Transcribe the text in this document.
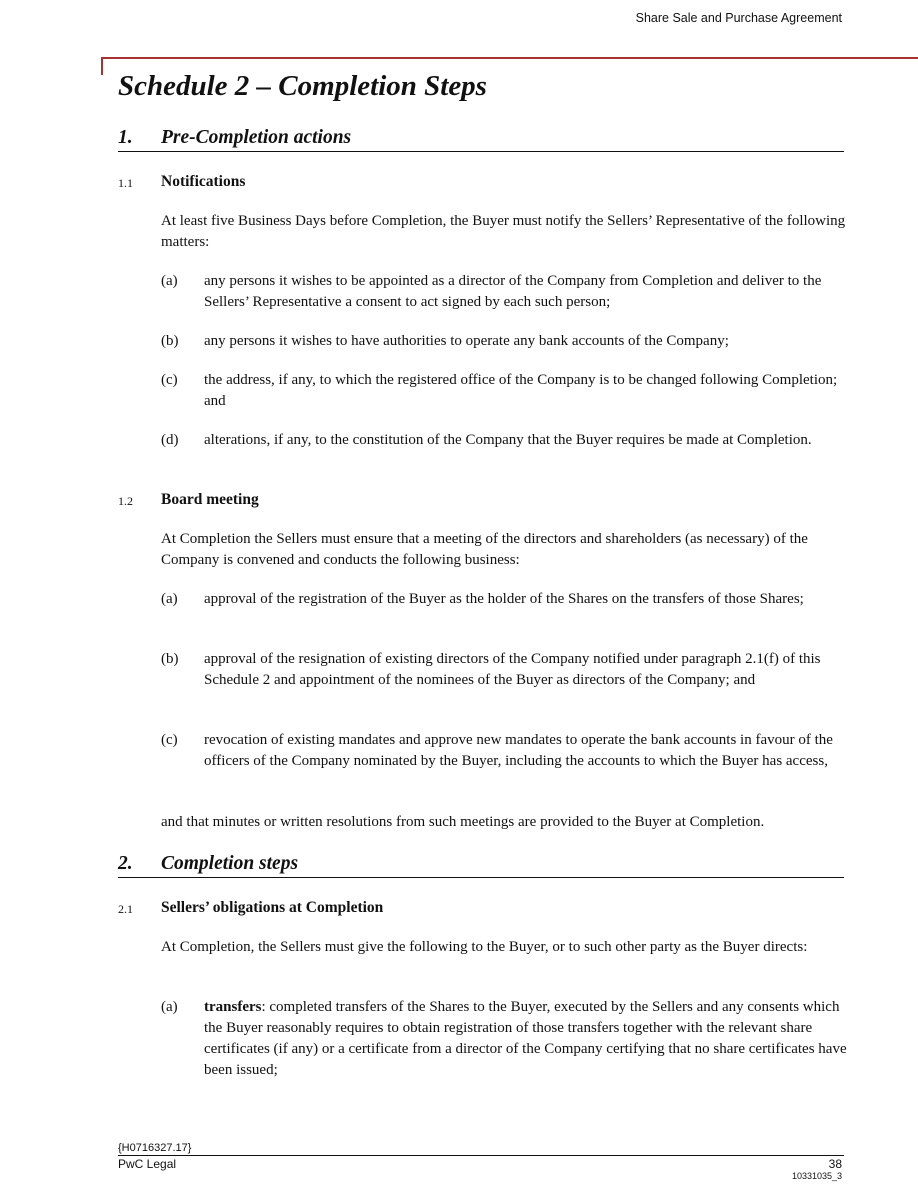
Share Sale and Purchase Agreement
Schedule 2 – Completion Steps
1. Pre-Completion actions
1.1 Notifications
At least five Business Days before Completion, the Buyer must notify the Sellers’ Representative of the following matters:
(a) any persons it wishes to be appointed as a director of the Company from Completion and deliver to the Sellers’ Representative a consent to act signed by each such person;
(b) any persons it wishes to have authorities to operate any bank accounts of the Company;
(c) the address, if any, to which the registered office of the Company is to be changed following Completion; and
(d) alterations, if any, to the constitution of the Company that the Buyer requires be made at Completion.
1.2 Board meeting
At Completion the Sellers must ensure that a meeting of the directors and shareholders (as necessary) of the Company is convened and conducts the following business:
(a) approval of the registration of the Buyer as the holder of the Shares on the transfers of those Shares;
(b) approval of the resignation of existing directors of the Company notified under paragraph 2.1(f) of this Schedule 2 and appointment of the nominees of the Buyer as directors of the Company; and
(c) revocation of existing mandates and approve new mandates to operate the bank accounts in favour of the officers of the Company nominated by the Buyer, including the accounts to which the Buyer has access,
and that minutes or written resolutions from such meetings are provided to the Buyer at Completion.
2. Completion steps
2.1 Sellers’ obligations at Completion
At Completion, the Sellers must give the following to the Buyer, or to such other party as the Buyer directs:
(a) transfers: completed transfers of the Shares to the Buyer, executed by the Sellers and any consents which the Buyer reasonably requires to obtain registration of those transfers together with the relevant share certificates (if any) or a certificate from a director of the Company certifying that no share certificates have been issued;
{H0716327.17}
PwC Legal	38
10331035_3
